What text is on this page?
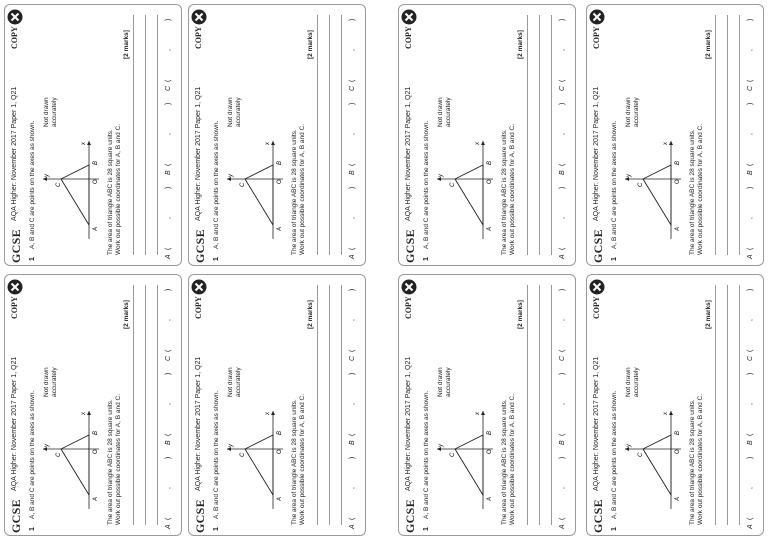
GCSE
AQA Higher: November 2017 Paper 1, Q21
COPY
1
A, B and C are points on the axes as shown.	x
y
O
A
B
C
Not drawn accurately
The area of triangle ABC is 28 square units. Work out possible coordinates for A, B and C.
[2 marks]
A
(
,
)
B
(
,
)
C
(
,
)
GCSE
AQA Higher: November 2017 Paper 1, Q21
COPY
1
A, B and C are points on the axes as shown.	x
y
O
A
B
C
Not drawn accurately
The area of triangle ABC is 28 square units. Work out possible coordinates for A, B and C.
[2 marks]
A
(
,
)
B
(
,
)
C
(
,
)
GCSE
AQA Higher: November 2017 Paper 1, Q21
COPY
1
A, B and C are points on the axes as shown.	x
y
O
A
B
C
Not drawn accurately
The area of triangle ABC is 28 square units. Work out possible coordinates for A, B and C.
[2 marks]
A
(
,
)
B
(
,
)
C
(
,
)
GCSE
AQA Higher: November 2017 Paper 1, Q21
COPY
1
A, B and C are points on the axes as shown.	x
y
O
A
B
C
Not drawn accurately
The area of triangle ABC is 28 square units. Work out possible coordinates for A, B and C.
[2 marks]
A
(
,
)
B
(
,
)
C
(
,
)
GCSE
AQA Higher: November 2017 Paper 1, Q21
COPY
1
A, B and C are points on the axes as shown.	x
y
O
A
B
C
Not drawn accurately
The area of triangle ABC is 28 square units. Work out possible coordinates for A, B and C.
[2 marks]
A
(
,
)
B
(
,
)
C
(
,
)
GCSE
AQA Higher: November 2017 Paper 1, Q21
COPY
1
A, B and C are points on the axes as shown.	x
y
O
A
B
C
Not drawn accurately
The area of triangle ABC is 28 square units. Work out possible coordinates for A, B and C.
[2 marks]
A
(
,
)
B
(
,
)
C
(
,
)
GCSE
AQA Higher: November 2017 Paper 1, Q21
COPY
1
A, B and C are points on the axes as shown.	x
y
O
A
B
C
Not drawn accurately
The area of triangle ABC is 28 square units. Work out possible coordinates for A, B and C.
[2 marks]
A
(
,
)
B
(
,
)
C
(
,
)
GCSE
AQA Higher: November 2017 Paper 1, Q21
COPY
1
A, B and C are points on the axes as shown.	x
y
O
A
B
C
Not drawn accurately
The area of triangle ABC is 28 square units. Work out possible coordinates for A, B and C.
[2 marks]
A
(
,
)
B
(
,
)
C
(
,
)
